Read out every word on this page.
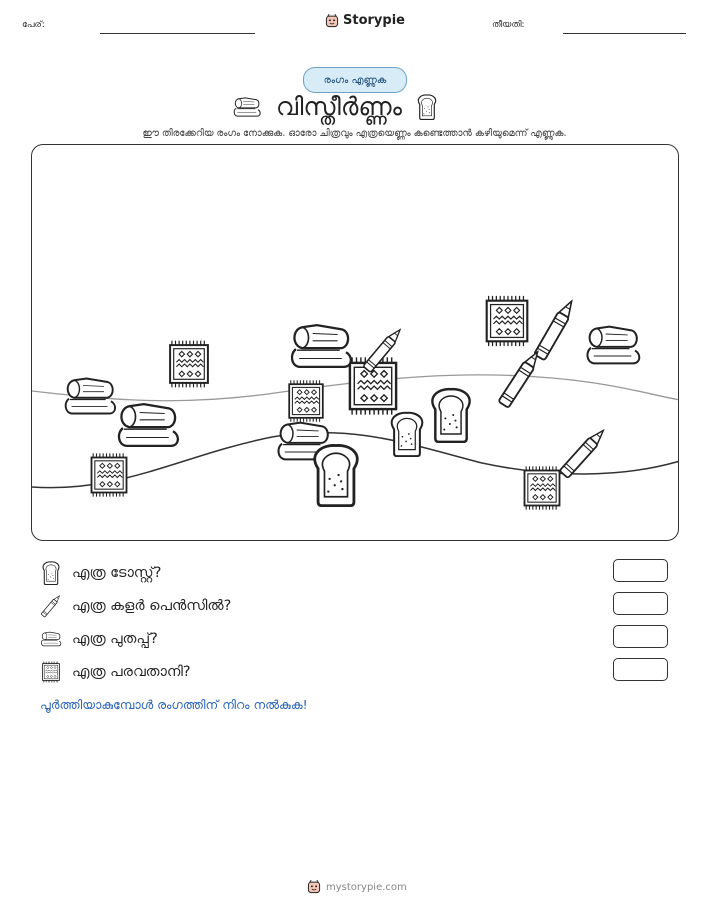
പേര്:	Storypie	തീയതി:
രംഗം എണ്ണുക
വിസ്തീർണ്ണം
ഈ തിരക്കേറിയ രംഗം നോക്കുക. ഓരോ ചിത്രവും എത്രയെണ്ണം കണ്ടെത്താൻ കഴിയുമെന്ന് എണ്ണുക.
എത്ര ടോസ്റ്റ്?
എത്ര കളർ പെൻസിൽ?
എത്ര പുതപ്പ്?
എത്ര പരവതാനി?
പൂർത്തിയാകുമ്പോൾ രംഗത്തിന് നിറം നൽകുക!
mystorypie.com
